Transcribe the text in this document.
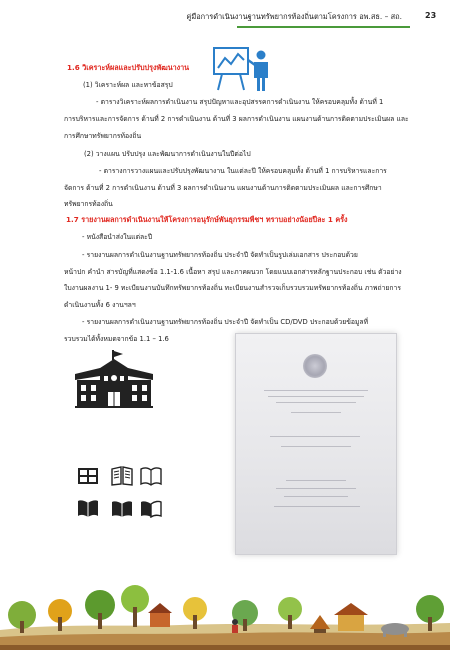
คู่มือการดำเนินงานฐานทรัพยากรท้องถิ่นตามโครงการ อพ.สธ. – สถ.	23
1.6 วิเคราะห์ผลและปรับปรุงพัฒนางาน
(1) วิเคราะห์ผล และหาข้อสรุป
- ตารางวิเคราะห์ผลการดำเนินงาน สรุปปัญหาและอุปสรรคการดำเนินงาน ให้ครอบคลุมทั้ง ด้านที่ 1
การบริหารและการจัดการ ด้านที่ 2 การดำเนินงาน ด้านที่ 3 ผลการดำเนินงาน แผนงานด้านการติดตามประเมินผล และ
การศึกษาทรัพยากรท้องถิ่น
(2) วางแผน ปรับปรุง และพัฒนาการดำเนินงานในปีต่อไป
- ตารางการวางแผนและปรับปรุงพัฒนางาน ในแต่ละปี ให้ครอบคลุมทั้ง ด้านที่ 1 การบริหารและการ
จัดการ ด้านที่ 2 การดำเนินงาน ด้านที่ 3 ผลการดำเนินงาน แผนงานด้านการติดตามประเมินผล และการศึกษา
ทรัพยากรท้องถิ่น
1.7 รายงานผลการดำเนินงานให้โครงการอนุรักษ์พันธุกรรมพืชฯ ทราบอย่างน้อยปีละ 1 ครั้ง
- หนังสือนำส่งในแต่ละปี
- รายงานผลการดำเนินงานฐานทรัพยากรท้องถิ่น ประจำปี จัดทำเป็นรูปเล่มเอกสาร ประกอบด้วย
หน้าปก คำนำ สารบัญที่แสดงข้อ 1.1-1.6 เนื้อหา สรุป และภาคผนวก โดยแนบเอกสารหลักฐานประกอบ เช่น ตัวอย่าง
ใบงานผลงาน 1- 9 ทะเบียนงานบันทึกทรัพยากรท้องถิ่น ทะเบียนงานสำรวจเก็บรวบรวมทรัพยากรท้องถิ่น ภาพถ่ายการ
ดำเนินงานทั้ง 6 งานฯลฯ
- รายงานผลการดำเนินงานฐานทรัพยากรท้องถิ่น ประจำปี จัดทำเป็น CD/DVD ประกอบด้วยข้อมูลที่
รวบรวมได้ทั้งหมดจากข้อ 1.1 – 1.6
